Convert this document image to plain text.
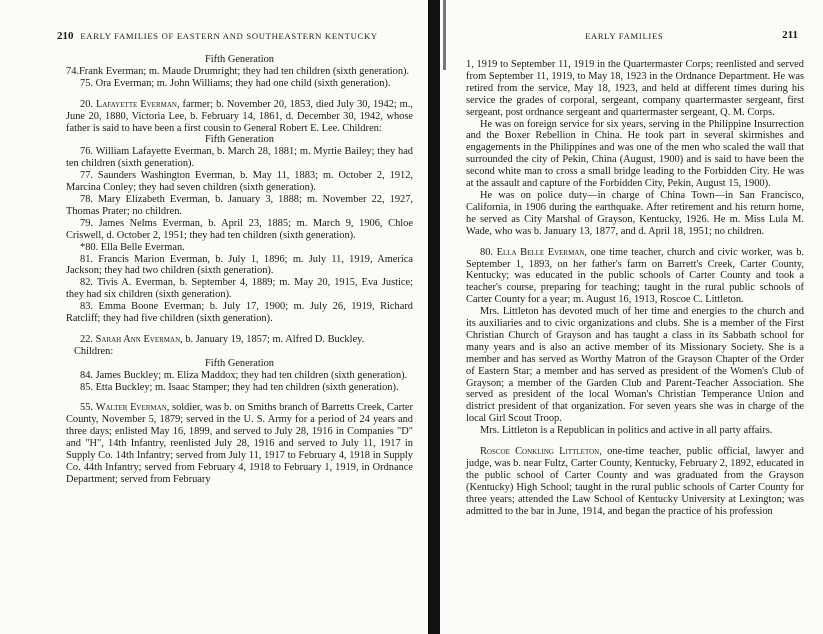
210 EARLY FAMILIES OF EASTERN AND SOUTHEASTERN KENTUCKY

Fifth Generation

74.Frank Everman; m. Maude Drumright; they had ten children (sixth generation).

75. Ora Everman; m. John Williams; they had one child (sixth generation).

20. Lafayette Everman, farmer; b. November 20, 1853, died July 30, 1942; m., June 20, 1880, Victoria Lee, b. February 14, 1861, d. December 30, 1942, whose father is said to have been a first cousin to General Robert E. Lee. Children:

Fifth Generation

76. William Lafayette Everman, b. March 28, 1881; m. Myrtie Bailey; they had ten children (sixth generation).

77. Saunders Washington Everman, b. May 11, 1883; m. October 2, 1912, Marcina Conley; they had seven children (sixth generation).

78. Mary Elizabeth Everman, b. January 3, 1888; m. November 22, 1927, Thomas Prater; no children.

79. James Nelms Everman, b. April 23, 1885; m. March 9, 1906, Chloe Criswell, d. October 2, 1951; they had ten children (sixth generation).

*80. Ella Belle Everman.

81. Francis Marion Everman, b. July 1, 1896; m. July 11, 1919, America Jackson; they had two children (sixth generation).

82. Tivis A. Everman, b. September 4, 1889; m. May 20, 1915, Eva Justice; they had six children (sixth generation).

83. Emma Boone Everman; b. July 17, 1900; m. July 26, 1919, Richard Ratcliff; they had five children (sixth generation).

22. Sarah Ann Everman, b. January 19, 1857; m. Alfred D. Buckley.

Children:

Fifth Generation

84. James Buckley; m. Eliza Maddox; they had ten children (sixth generation).

85. Etta Buckley; m. Isaac Stamper; they had ten children (sixth generation).

55. Walter Everman, soldier, was b. on Smiths branch of Barretts Creek, Carter County, November 5, 1879; served in the U. S. Army for a period of 24 years and three days; enlisted May 16, 1899, and served to July 28, 1916 in Companies "D" and "H", 14th Infantry, reenlisted July 28, 1916 and served to July 11, 1917 in Supply Co. 14th Infantry; served from July 11, 1917 to February 4, 1918 in Supply Co. 44th Infantry; served from February 4, 1918 to February 1, 1919, in Ordnance Department; served from February

EARLY FAMILIES	211

1, 1919 to September 11, 1919 in the Quartermaster Corps; reenlisted and served from September 11, 1919, to May 18, 1923 in the Ordnance Department. He was retired from the service, May 18, 1923, and held at different times during his service the grades of corporal, sergeant, company quartermaster sergeant, first sergeant, post ordnance sergeant and quartermaster sergeant, Q. M. Corps.

He was on foreign service for six years, serving in the Philippine Insurrection and the Boxer Rebellion in China. He took part in several skirmishes and engagements in the Philippines and was one of the men who scaled the wall that surrounded the city of Pekin, China (August, 1900) and is said to have been the second white man to cross a small bridge leading to the Forbidden City. He was at the assault and capture of the Forbidden City, Pekin, August 15, 1900).

He was on police duty—in charge of China Town—in San Francisco, California, in 1906 during the earthquake. After retirement and his return home, he served as City Marshal of Grayson, Kentucky, 1926. He m. Miss Lula M. Wade, who was b. January 13, 1877, and d. April 18, 1951; no children.

80. Ella Belle Everman, one time teacher, church and civic worker, was b. September 1, 1893, on her father's farm on Barrett's Creek, Carter County, Kentucky; was educated in the public schools of Carter County and took a teacher's course, preparing for teaching; taught in the rural public schools of Carter County for a year; m. August 16, 1913, Roscoe C. Littleton.

Mrs. Littleton has devoted much of her time and energies to the church and its auxiliaries and to civic organizations and clubs. She is a member of the First Christian Church of Grayson and has taught a class in its Sabbath school for many years and is also an active member of its Missionary Society. She is a member and has served as Worthy Matron of the Grayson Chapter of the Order of Eastern Star; a member and has served as president of the Women's Club of Grayson; a member of the Garden Club and Parent-Teacher Association. She served as president of the local Woman's Christian Temperance Union and district president of that organization. For seven years she was in charge of the local Girl Scout Troop.

Mrs. Littleton is a Republican in politics and active in all party affairs.

Roscoe Conkling Littleton, one-time teacher, public official, lawyer and judge, was b. near Fultz, Carter County, Kentucky, February 2, 1892, educated in the public school of Carter County and was graduated from the Grayson (Kentucky) High School; taught in the rural public schools of Carter County for three years; attended the Law School of Kentucky University at Lexington; was admitted to the bar in June, 1914, and began the practice of his profession
